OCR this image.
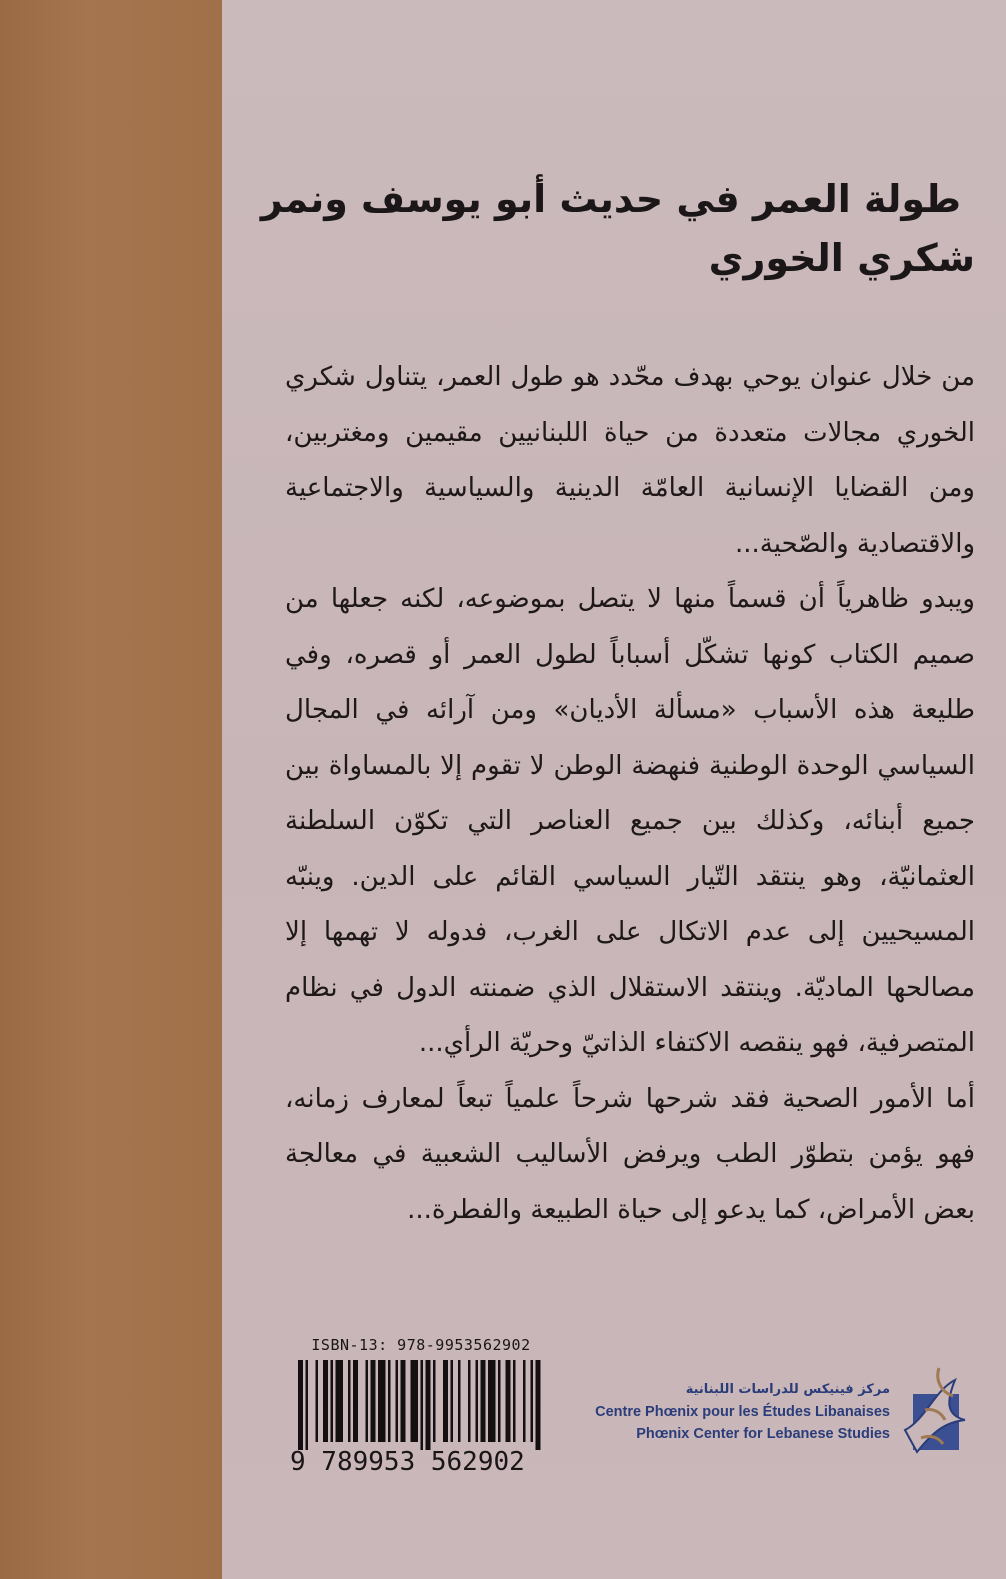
طولة العمر في حديث أبو يوسف ونمر
شكري الخوري

من خلال عنوان يوحي بهدف محّدد هو طول العمر، يتناول شكري الخوري مجالات متعددة من حياة اللبنانيين مقيمين ومغتربين، ومن القضايا الإنسانية العامّة الدينية والسياسية والاجتماعية والاقتصادية والصّحية...

ويبدو ظاهرياً أن قسماً منها لا يتصل بموضوعه، لكنه جعلها من صميم الكتاب كونها تشكّل أسباباً لطول العمر أو قصره، وفي طليعة هذه الأسباب «مسألة الأديان» ومن آرائه في المجال السياسي الوحدة الوطنية فنهضة الوطن لا تقوم إلا بالمساواة بين جميع أبنائه، وكذلك بين جميع العناصر التي تكوّن السلطنة العثمانيّة، وهو ينتقد التّيار السياسي القائم على الدين. وينبّه المسيحيين إلى عدم الاتكال على الغرب، فدوله لا تهمها إلا مصالحها الماديّة. وينتقد الاستقلال الذي ضمنته الدول في نظام المتصرفية، فهو ينقصه الاكتفاء الذاتيّ وحريّة الرأي...

أما الأمور الصحية فقد شرحها شرحاً علمياً تبعاً لمعارف زمانه، فهو يؤمن بتطوّر الطب ويرفض الأساليب الشعبية في معالجة بعض الأمراض، كما يدعو إلى حياة الطبيعة والفطرة...

ISBN-13: 978-9953562902
9 789953 562902
مركز فينيكس للدراسات اللبنانية
Centre Phœnix pour les Études Libanaises
Phœnix Center for Lebanese Studies
